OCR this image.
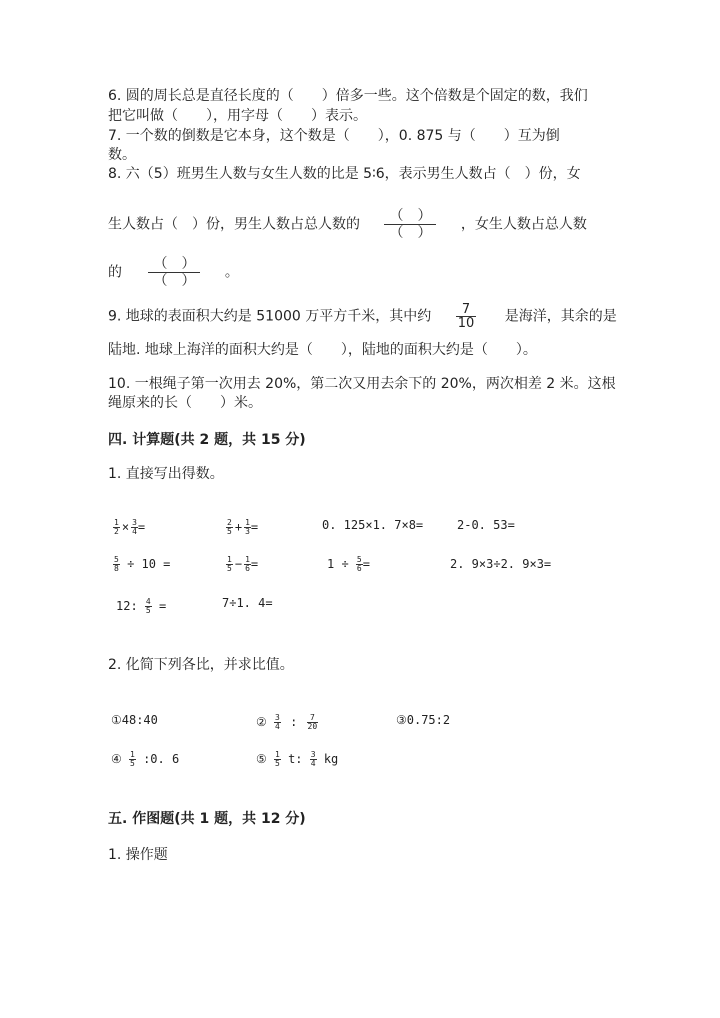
6. 圆的周长总是直径长度的（　　）倍多一些。这个倍数是个固定的数，我们
把它叫做（　　），用字母（　　）表示。
7. 一个数的倒数是它本身，这个数是（　　），0. 875 与（　　）互为倒
数。
8. 六（5）班男生人数与女生人数的比是 5∶6，表示男生人数占（　）份，女
生人数占（　）份，男生人数占总人数的 $\frac{( )}{( )}$ ，女生人数占总人数
的 $\frac{( )}{( )}$ 。
9. 地球的表面积大约是 51000 万平方千米，其中约 $\frac{7}{10}$ 是海洋，其余的是
陆地. 地球上海洋的面积大约是（　　），陆地的面积大约是（　　）。
10. 一根绳子第一次用去 20%，第二次又用去余下的 20%，两次相差 2 米。这根
绳原来的长（　　）米。
四. 计算题(共 2 题，共 15 分)
1. 直接写出得数。
$\frac{1}{2} \times \frac{3}{4}$ =	$\frac{2}{5} + \frac{1}{3}$ =	0. 125×1. 7×8=	2-0. 53=
$\frac{5}{8} \div 10$ =	$\frac{1}{5} - \frac{1}{6}$ =	$1 \div \frac{5}{6}$ =	2. 9×3÷2. 9×3=
12: $\frac{4}{5}$ =	7÷1. 4=
2. 化简下列各比，并求比值。
①48:40	② $\frac{3}{4}$ : $\frac{7}{20}$	③0.75:2
④ $\frac{1}{5}$ :0. 6	⑤ $\frac{1}{5} t$: $\frac{3}{4}$ kg
五. 作图题(共 1 题，共 12 分)
1. 操作题
